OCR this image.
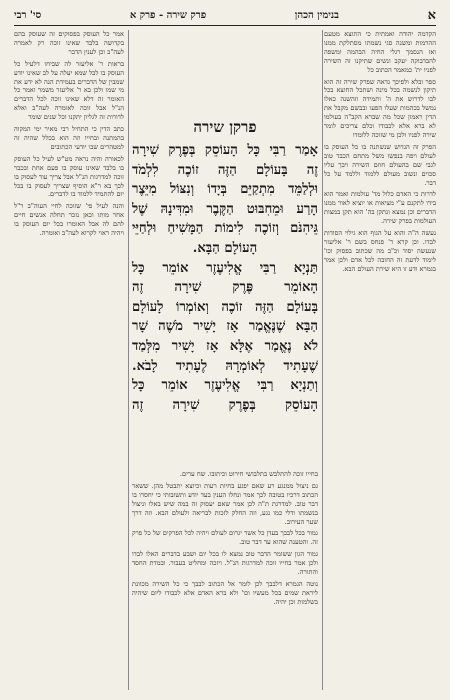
א
בנימין הכהן
פרק שירה - פרק א
סי' רבי

הקדמה יהודה ואמתית כי התוצא מטעם ההרמות ומשנה סגי נשמתו מסתלקת ממנו ואז הנסמך רגלי החיה הבהמה ומשפה להבדבוקה יעקב ונשים שתיקנו זה השירה לפניו ית' כמאמר הכתוב כל

ספר ובלא ולפיכך גדאה שפרק שירה זה הוא תיקון לנשמה בכל מינה ושתכל החוצא בכל לבו לדרוש את ה' ותמידה וזהשנה כאלו נמשל בכהמות שעלו הפעו ובבשם מקבל את הדין ראמון שכל מה שברא הקב"ה בעולמו לא ברא אלא לכבודו וכלם צריכים לומר שירה לפניו ולכן מי שזוכה ללומדו

הפרק זה הגדוש שנשתנה בו כל העוסק בו לעולם ויפה בנפשו משל מתחם הכבד טוב לגבי שם בהעולם חוזם השירה ויבך עליו סכוים ונשוב מעולם ללמוד וללמד על כל דבר.

לדרות כי האדם כלול מד' עולמות ואמר הוא בידו לתקנם ע"י מציאות או יוציא לאור ממנו הדברים וכן נמצא ונתקן בה' הוא תקן במצות העולמות בפרק שירה.

נעשה ה"ה והוא על הגוף הוא גילוי הסודות לבדו. וכן קרא ר' פנחס בשם ר' אליעזר שנעשה יסוד וכ"ב מה שכתוב בפסוק וכו' לימוד לדעת זה החובה לכל אדם ולכן אמר בגמרא ודע זו היא שירת העולם הבא.

אמר כל העוסק בפסוקים זה שעוסק בהם בקדושה בלבד שאינו זוכה רק לאמרה לעה"ב וכן לענין הדבר

בראות ר' אליעזר לה שביחו דלעיל כל העוסק בו לבל שמא יעלה על לב שאינו יודע שמבין של הדברים בעמידת הנה לא ידע את מי שמו ולכן בא ר' אליעזר משמר ואמר כל האומר זה דלא שאינו זוכה לכל הדברים הנ"ל אבל זוכה לאומרה לעה"ב ואלא לדורות זה לגליון יתקנו וכל שנים שומר

כתב הדין כי התחיל רבי מאיר ימי המקוה בהמתנה ובחייו וזה הוא בכלל שהיה זה למטהרים שבו יודעי הכתובים

לכאורה והיה נראה מט"ש לעיל כל העוסק בו בלבד שאינו עוסק בו פעם אחת ובכבר זוכה למדרגות הנ"ל אבל צריך עוד לעסוק בו לכך בא ר"א הוסיף שצריך לעסוק בו בכל יום להתמיד ללמוד בו לדברים.

והנה לעיל פי' שזוכה לחיי העוה"ב ר"ל אחר מותו וכאן נזכר תחלה אנשים חיים להם לה אבל האומרו בכל יום העוסק בו ויהיה ראוי לקרוא לעה"ב ואומרה.

פרקן שירה

אָמַר רַבִּי כָּל הָעוֹסֵק בְּפֶרֶק שִׁירָה

זֶה בָּעוֹלָם הַזֶּה זוֹכֶה לִלְמֹד

וּלְלַמֵּד מִתְקַיֵּם בְּיָדוֹ וְנִצּוֹל מִיֵּצֶר

הָרַע וּמֵחִבּוּט הַקֶּבֶר וּמִדִּינָהּ שֶׁל

גֵּיהִנֹּם וְזוֹכֶה לִימוֹת הַמָּשִׁיחַ וּלְחַיֵּי

הָעוֹלָם הַבָּא.

תַּנְיָא רַבִּי אֱלִיעֶזֶר אוֹמֵר כָּל

הָאוֹמֵר פֶּרֶק שִׁירָה זֶה

בָּעוֹלָם הַזֶּה זוֹכֶה וְאוֹמְרוֹ לָעוֹלָם

הַבָּא שֶׁנֶּאֱמַר אָז יָשִׁיר מֹשֶׁה שָׁר

לֹא נֶאֱמַר אֶלָּא אָז יָשִׁיר מִלְּמַד

שֶׁעָתִיד לְאוֹמְרָהּ לֶעָתִיד לָבֹא.

וְתַנְיָא רַבִּי אֱלִיעֶזֶר אוֹמֵר כָּל

הָעוֹסֵק בְּפֶרֶק שִׁירָה זֶה

בחייו זוכה להתלבש בתלבושי חירוט וכיתובו. שח ערים.

גם ניצול ממנגע רע שאם יפגע בחיות רעות וכיוצא יתבטל מהן. ששאר הכתוב דרכיו בטובה לכך אמר ונחלו הענין בעד יודע ותשובותי כי יחסרו בו דבר טוב. למדרגת ת"ה לכן אמר שאם יעסוק זה במה שיש באלו וניצול בנשמתו ודלי כמו נגע, וזה החלק לזכות לבריאה ולעולם הבא. וזה דרך שער העירוב.

גמור בכל לבבך בעדן כל אשר יגרום לעולם ויהיה לכל הפרקים של כל פרק זה. והטענה שהוא עד דבר טוב.

גמור הגון ששומר הדבר טוב נמצא לו בכל יום ושבע בדברים האלו לבדו ולכן אמר בחייו זוכה למדרגות הנ"ל. ויזכה ומחליט בעבור. ובמדת החסד והתורה.

נוטה הגמרא דלבבך לכן לומר אל הכתוב לבבך כי כל השירה מכוונת ליראת שמים בכל מעשיו וכו' ולא ברא האדם אלא לכבודו ליום שיהיה בשלמות וכן יהיה.
